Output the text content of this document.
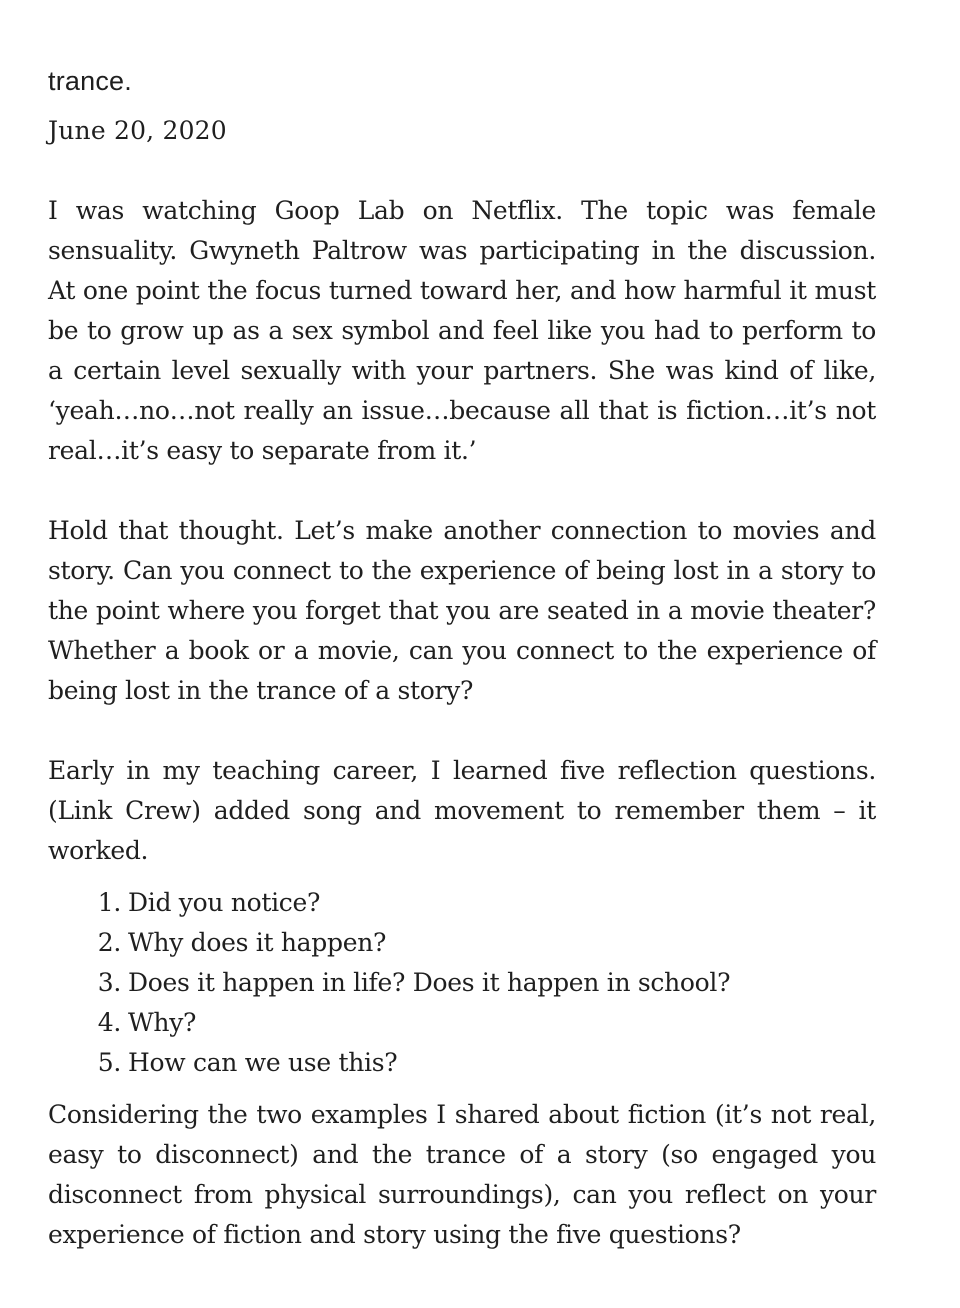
trance.

June 20, 2020

I was watching Goop Lab on Netflix. The topic was female sensuality. Gwyneth Paltrow was participating in the discussion. At one point the focus turned toward her, and how harmful it must be to grow up as a sex symbol and feel like you had to perform to a certain level sexually with your partners. She was kind of like, ‘yeah…no…not really an issue…because all that is fiction…it’s not real…it’s easy to separate from it.’

Hold that thought. Let’s make another connection to movies and story. Can you connect to the experience of being lost in a story to the point where you forget that you are seated in a movie theater? Whether a book or a movie, can you connect to the experience of being lost in the trance of a story?

Early in my teaching career, I learned five reflection questions. (Link Crew) added song and movement to remember them – it worked.

1. Did you notice?
2. Why does it happen?
3. Does it happen in life? Does it happen in school?
4. Why?
5. How can we use this?

Considering the two examples I shared about fiction (it’s not real, easy to disconnect) and the trance of a story (so engaged you disconnect from physical surroundings), can you reflect on your experience of fiction and story using the five questions?
